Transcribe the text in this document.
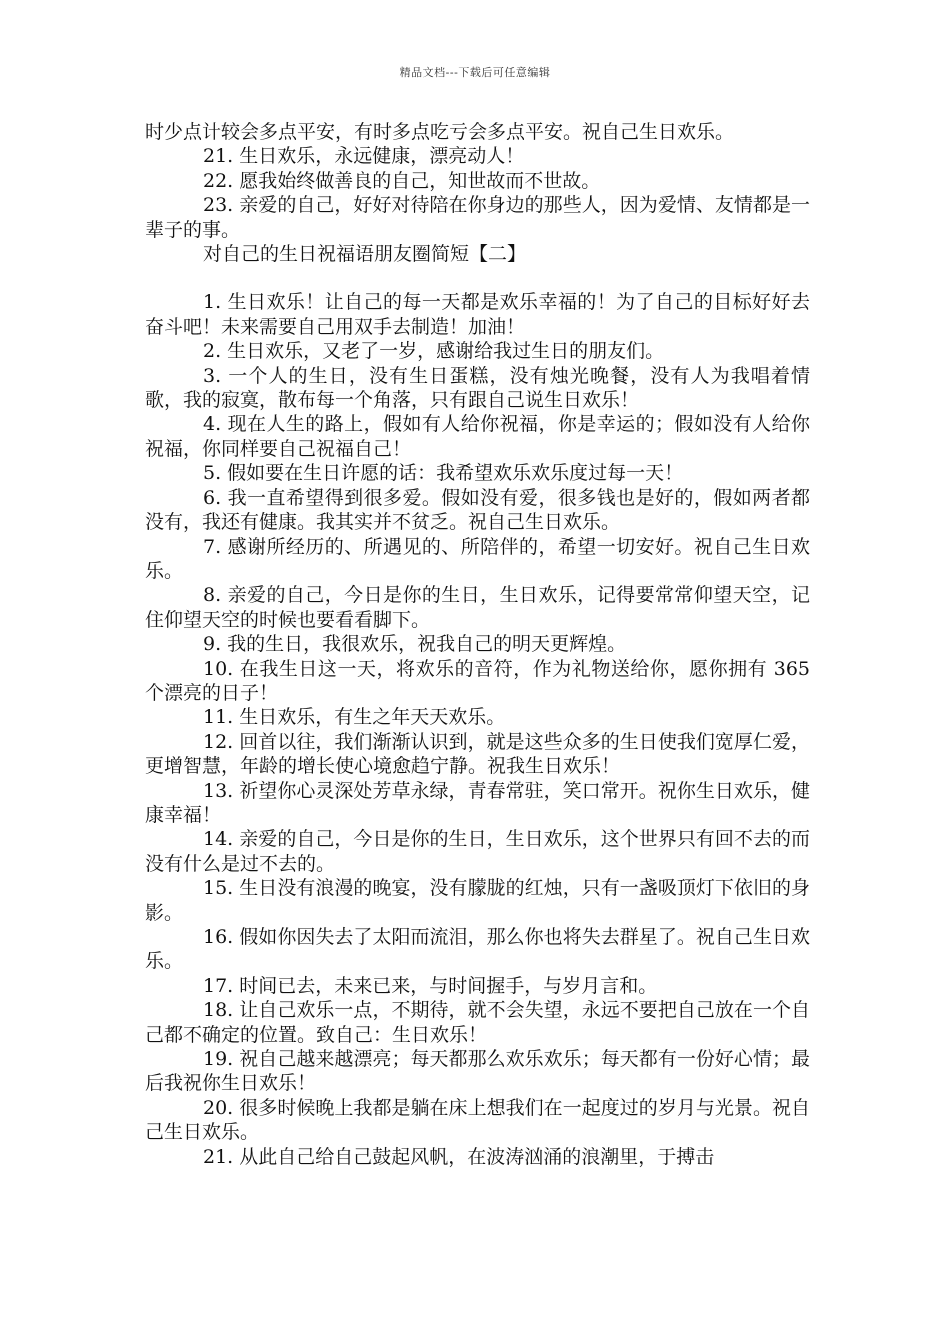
精品文档---下载后可任意编辑

时少点计较会多点平安，有时多点吃亏会多点平安。祝自己生日欢乐。

21. 生日欢乐，永远健康，漂亮动人！

22. 愿我始终做善良的自己，知世故而不世故。

23. 亲爱的自己，好好对待陪在你身边的那些人，因为爱情、友情都是一辈子的事。

对自己的生日祝福语朋友圈简短【二】

1. 生日欢乐！让自己的每一天都是欢乐幸福的！为了自己的目标好好去奋斗吧！未来需要自己用双手去制造！加油！

2. 生日欢乐，又老了一岁，感谢给我过生日的朋友们。

3. 一个人的生日，没有生日蛋糕，没有烛光晚餐，没有人为我唱着情歌，我的寂寞，散布每一个角落，只有跟自己说生日欢乐！

4. 现在人生的路上，假如有人给你祝福，你是幸运的；假如没有人给你祝福，你同样要自己祝福自己！

5. 假如要在生日许愿的话：我希望欢乐欢乐度过每一天！

6. 我一直希望得到很多爱。假如没有爱，很多钱也是好的，假如两者都没有，我还有健康。我其实并不贫乏。祝自己生日欢乐。

7. 感谢所经历的、所遇见的、所陪伴的，希望一切安好。祝自己生日欢乐。

8. 亲爱的自己，今日是你的生日，生日欢乐，记得要常常仰望天空，记住仰望天空的时候也要看看脚下。

9. 我的生日，我很欢乐，祝我自己的明天更辉煌。

10. 在我生日这一天，将欢乐的音符，作为礼物送给你，愿你拥有 365 个漂亮的日子！

11. 生日欢乐，有生之年天天欢乐。

12. 回首以往，我们渐渐认识到，就是这些众多的生日使我们宽厚仁爱，更增智慧，年龄的增长使心境愈趋宁静。祝我生日欢乐！

13. 祈望你心灵深处芳草永绿，青春常驻，笑口常开。祝你生日欢乐，健康幸福！

14. 亲爱的自己，今日是你的生日，生日欢乐，这个世界只有回不去的而没有什么是过不去的。

15. 生日没有浪漫的晚宴，没有朦胧的红烛，只有一盏吸顶灯下依旧的身影。

16. 假如你因失去了太阳而流泪，那么你也将失去群星了。祝自己生日欢乐。

17. 时间已去，未来已来，与时间握手，与岁月言和。

18. 让自己欢乐一点，不期待，就不会失望，永远不要把自己放在一个自己都不确定的位置。致自己：生日欢乐！

19. 祝自己越来越漂亮；每天都那么欢乐欢乐；每天都有一份好心情；最后我祝你生日欢乐！

20. 很多时候晚上我都是躺在床上想我们在一起度过的岁月与光景。祝自己生日欢乐。

21. 从此自己给自己鼓起风帆，在波涛汹涌的浪潮里，于搏击
